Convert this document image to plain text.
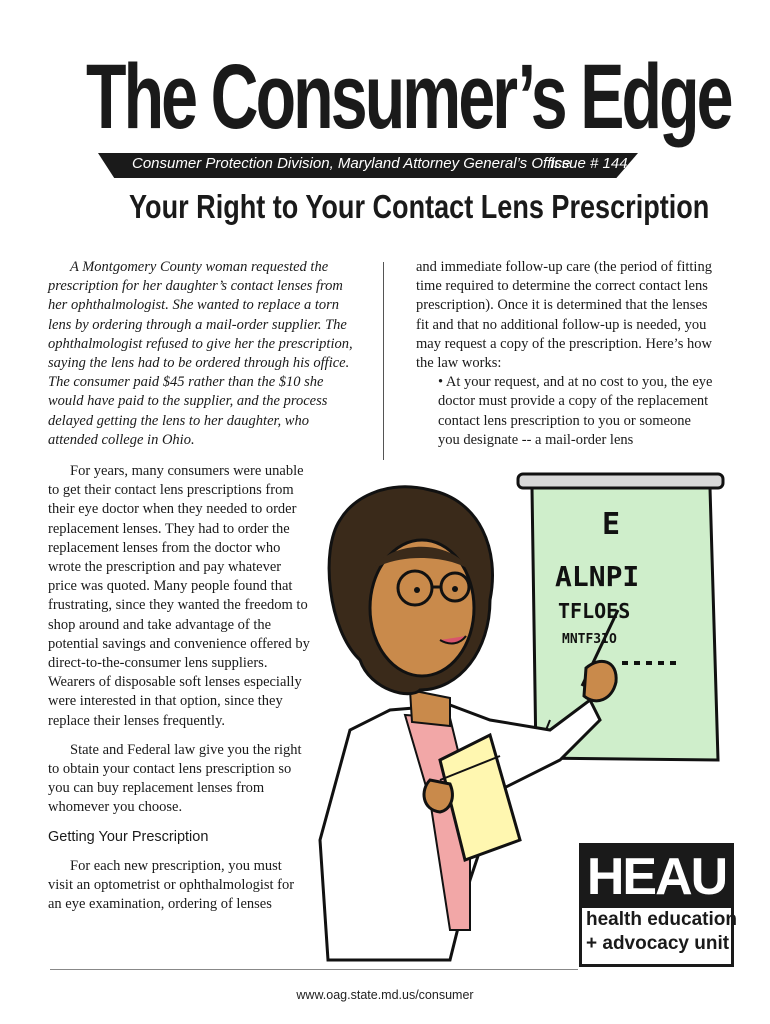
The Consumer’s Edge
Consumer Protection Division, Maryland Attorney General’s Office
Issue # 144
Your Right to Your Contact Lens Prescription

A Montgomery County woman requested the prescription for her daughter’s contact lenses from her ophthalmologist. She wanted to replace a torn lens by ordering through a mail-order supplier. The ophthalmologist refused to give her the prescription, saying the lens had to be ordered through his office. The consumer paid $45 rather than the $10 she would have paid to the supplier, and the process delayed getting the lens to her daughter, who attended college in Ohio.

For years, many consumers were unable to get their contact lens prescriptions from their eye doctor when they needed to order replacement lenses. They had to order the replacement lenses from the doctor who wrote the prescription and pay whatever price was quoted. Many people found that frustrating, since they wanted the freedom to shop around and take advantage of the potential savings and convenience offered by direct-to-the-consumer lens suppliers. Wearers of disposable soft lenses especially were interested in that option, since they replace their lenses frequently.

State and Federal law give you the right to obtain your contact lens prescription so you can buy replacement lenses from whomever you choose.

Getting Your Prescription

For each new prescription, you must visit an optometrist or ophthalmologist for an eye examination, ordering of lenses

and immediate follow-up care (the period of fitting time required to determine the correct contact lens prescription). Once it is determined that the lenses fit and that no additional follow-up is needed, you may request a copy of the prescription. Here’s how the law works:

• At your request, and at no cost to you, the eye doctor must provide a copy of the replacement contact lens prescription to you or someone you designate -- a mail-order lens

E
ALNPI
TFLOES
MNTF3IO
HEAU
health education
+ advocacy unit
www.oag.state.md.us/consumer
